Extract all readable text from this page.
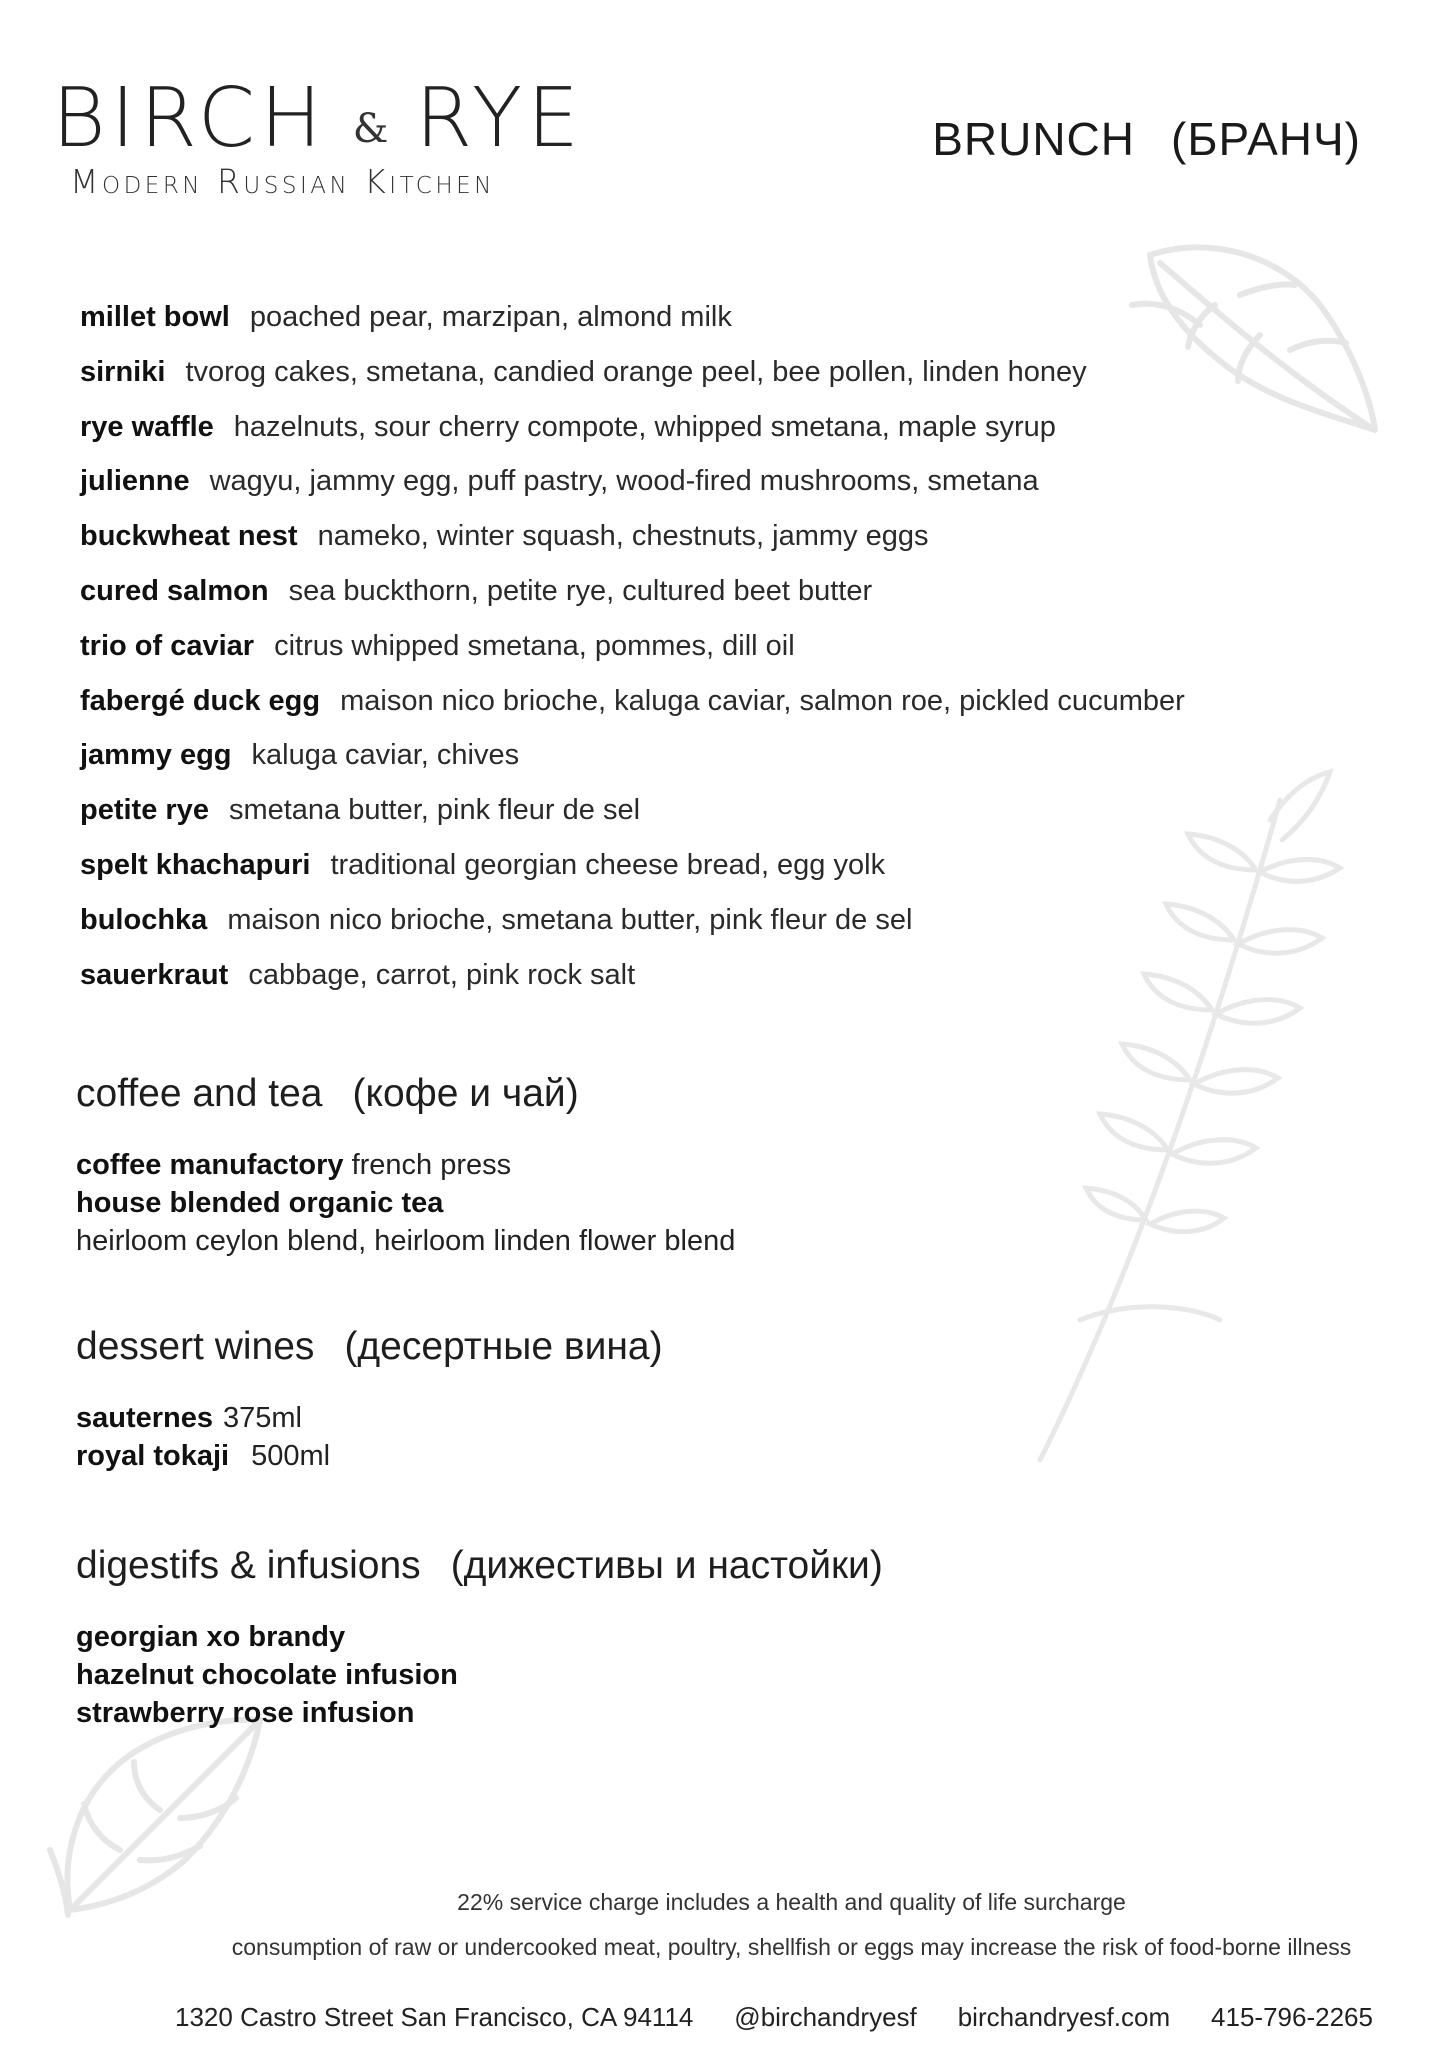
BIRCH & RYE
Modern Russian Kitchen
BRUNCH (БРАНЧ)
millet bowl poached pear, marzipan, almond milk
sirniki tvorog cakes, smetana, candied orange peel, bee pollen, linden honey
rye waffle hazelnuts, sour cherry compote, whipped smetana, maple syrup
julienne wagyu, jammy egg, puff pastry, wood-fired mushrooms, smetana
buckwheat nest nameko, winter squash, chestnuts, jammy eggs
cured salmon sea buckthorn, petite rye, cultured beet butter
trio of caviar citrus whipped smetana, pommes, dill oil
fabergé duck egg maison nico brioche, kaluga caviar, salmon roe, pickled cucumber
jammy egg kaluga caviar, chives
petite rye smetana butter, pink fleur de sel
spelt khachapuri traditional georgian cheese bread, egg yolk
bulochka maison nico brioche, smetana butter, pink fleur de sel
sauerkraut cabbage, carrot, pink rock salt
coffee and tea (кофе и чай)
coffee manufactory french press
house blended organic tea
heirloom ceylon blend, heirloom linden flower blend
dessert wines (десертные вина)
sauternes 375ml
royal tokaji 500ml
digestifs & infusions (дижестивы и настойки)
georgian xo brandy
hazelnut chocolate infusion
strawberry rose infusion
22% service charge includes a health and quality of life surcharge
consumption of raw or undercooked meat, poultry, shellfish or eggs may increase the risk of food-borne illness
1320 Castro Street San Francisco, CA 94114 @birchandryesf birchandryesf.com 415-796-2265
